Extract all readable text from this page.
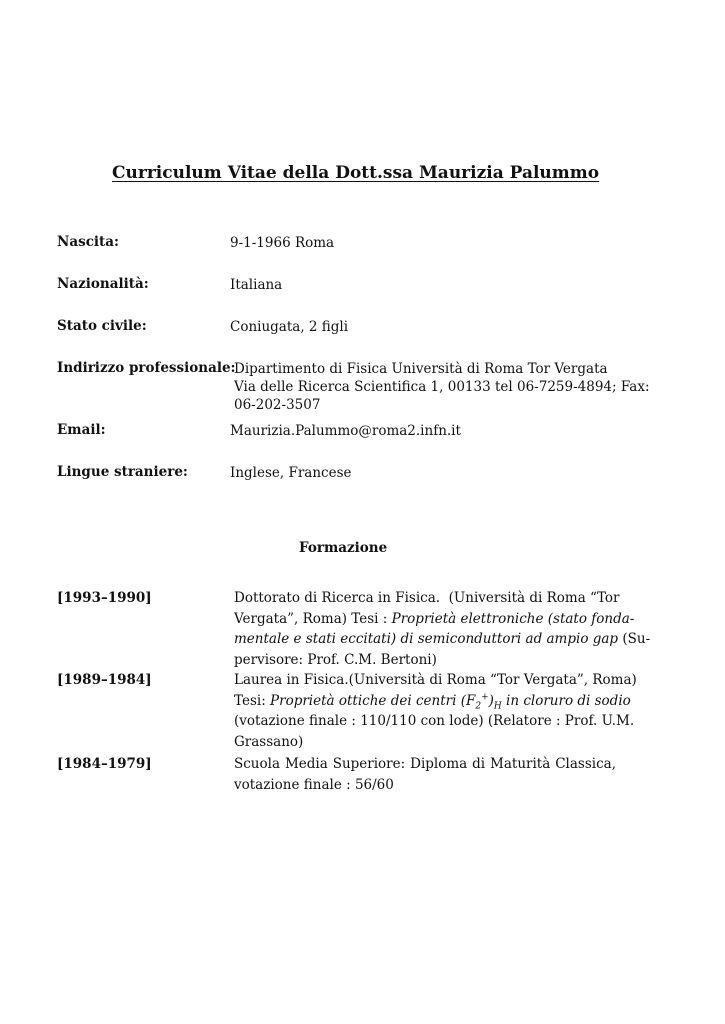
Curriculum Vitae della Dott.ssa Maurizia Palummo
Nascita:	9-1-1966 Roma
Nazionalità:	Italiana
Stato civile:	Coniugata, 2 figli
Indirizzo professionale:
Dipartimento di Fisica Università di Roma Tor Vergata
Via delle Ricerca Scientifica 1, 00133 tel 06-7259-4894; Fax:
06-202-3507
Email:	Maurizia.Palummo@roma2.infn.it
Lingue straniere:	Inglese, Francese
Formazione
[1993–1990]	Dottorato di Ricerca in Fisica. (Università di Roma “Tor
Vergata”, Roma) Tesi : Proprietà elettroniche (stato fonda-
mentale e stati eccitati) di semiconduttori ad ampio gap (Su-
pervisore: Prof. C.M. Bertoni)
[1989–1984]	Laurea in Fisica.(Università di Roma “Tor Vergata”, Roma)
Tesi: Proprietà ottiche dei centri $(F_2^+)_H$ in cloruro di sodio
(votazione finale : 110/110 con lode) (Relatore : Prof. U.M.
Grassano)
[1984–1979]	Scuola Media Superiore: Diploma di Maturità Classica,
votazione finale : 56/60
